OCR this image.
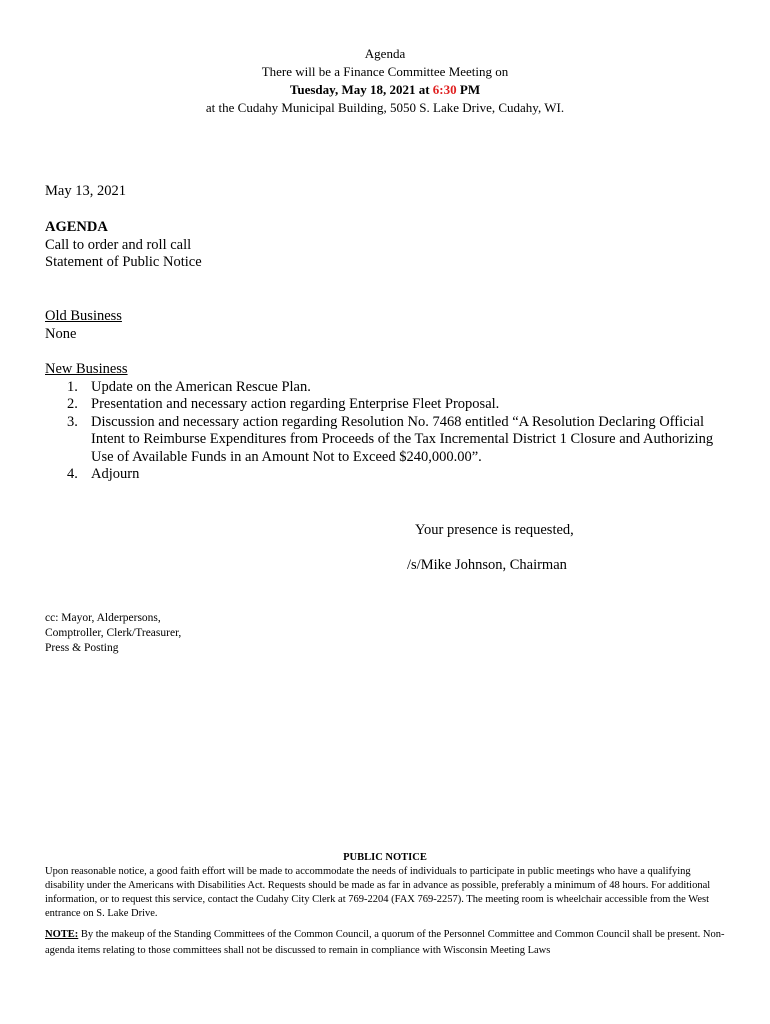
Agenda
There will be a Finance Committee Meeting on
Tuesday, May 18, 2021 at 6:30 PM
at the Cudahy Municipal Building, 5050 S. Lake Drive, Cudahy, WI.
May 13, 2021
AGENDA
Call to order and roll call
Statement of Public Notice
Old Business
None
New Business
1. Update on the American Rescue Plan.
2. Presentation and necessary action regarding Enterprise Fleet Proposal.
3. Discussion and necessary action regarding Resolution No. 7468 entitled “A Resolution Declaring Official Intent to Reimburse Expenditures from Proceeds of the Tax Incremental District 1 Closure and Authorizing Use of Available Funds in an Amount Not to Exceed $240,000.00”.
4. Adjourn
Your presence is requested,
/s/Mike Johnson, Chairman
cc: Mayor, Alderpersons,
Comptroller, Clerk/Treasurer,
Press & Posting
PUBLIC NOTICE
Upon reasonable notice, a good faith effort will be made to accommodate the needs of individuals to participate in public meetings who have a qualifying disability under the Americans with Disabilities Act. Requests should be made as far in advance as possible, preferably a minimum of 48 hours. For additional information, or to request this service, contact the Cudahy City Clerk at 769-2204 (FAX 769-2257). The meeting room is wheelchair accessible from the West entrance on S. Lake Drive.
NOTE: By the makeup of the Standing Committees of the Common Council, a quorum of the Personnel Committee and Common Council shall be present. Non-agenda items relating to those committees shall not be discussed to remain in compliance with Wisconsin Meeting Laws
